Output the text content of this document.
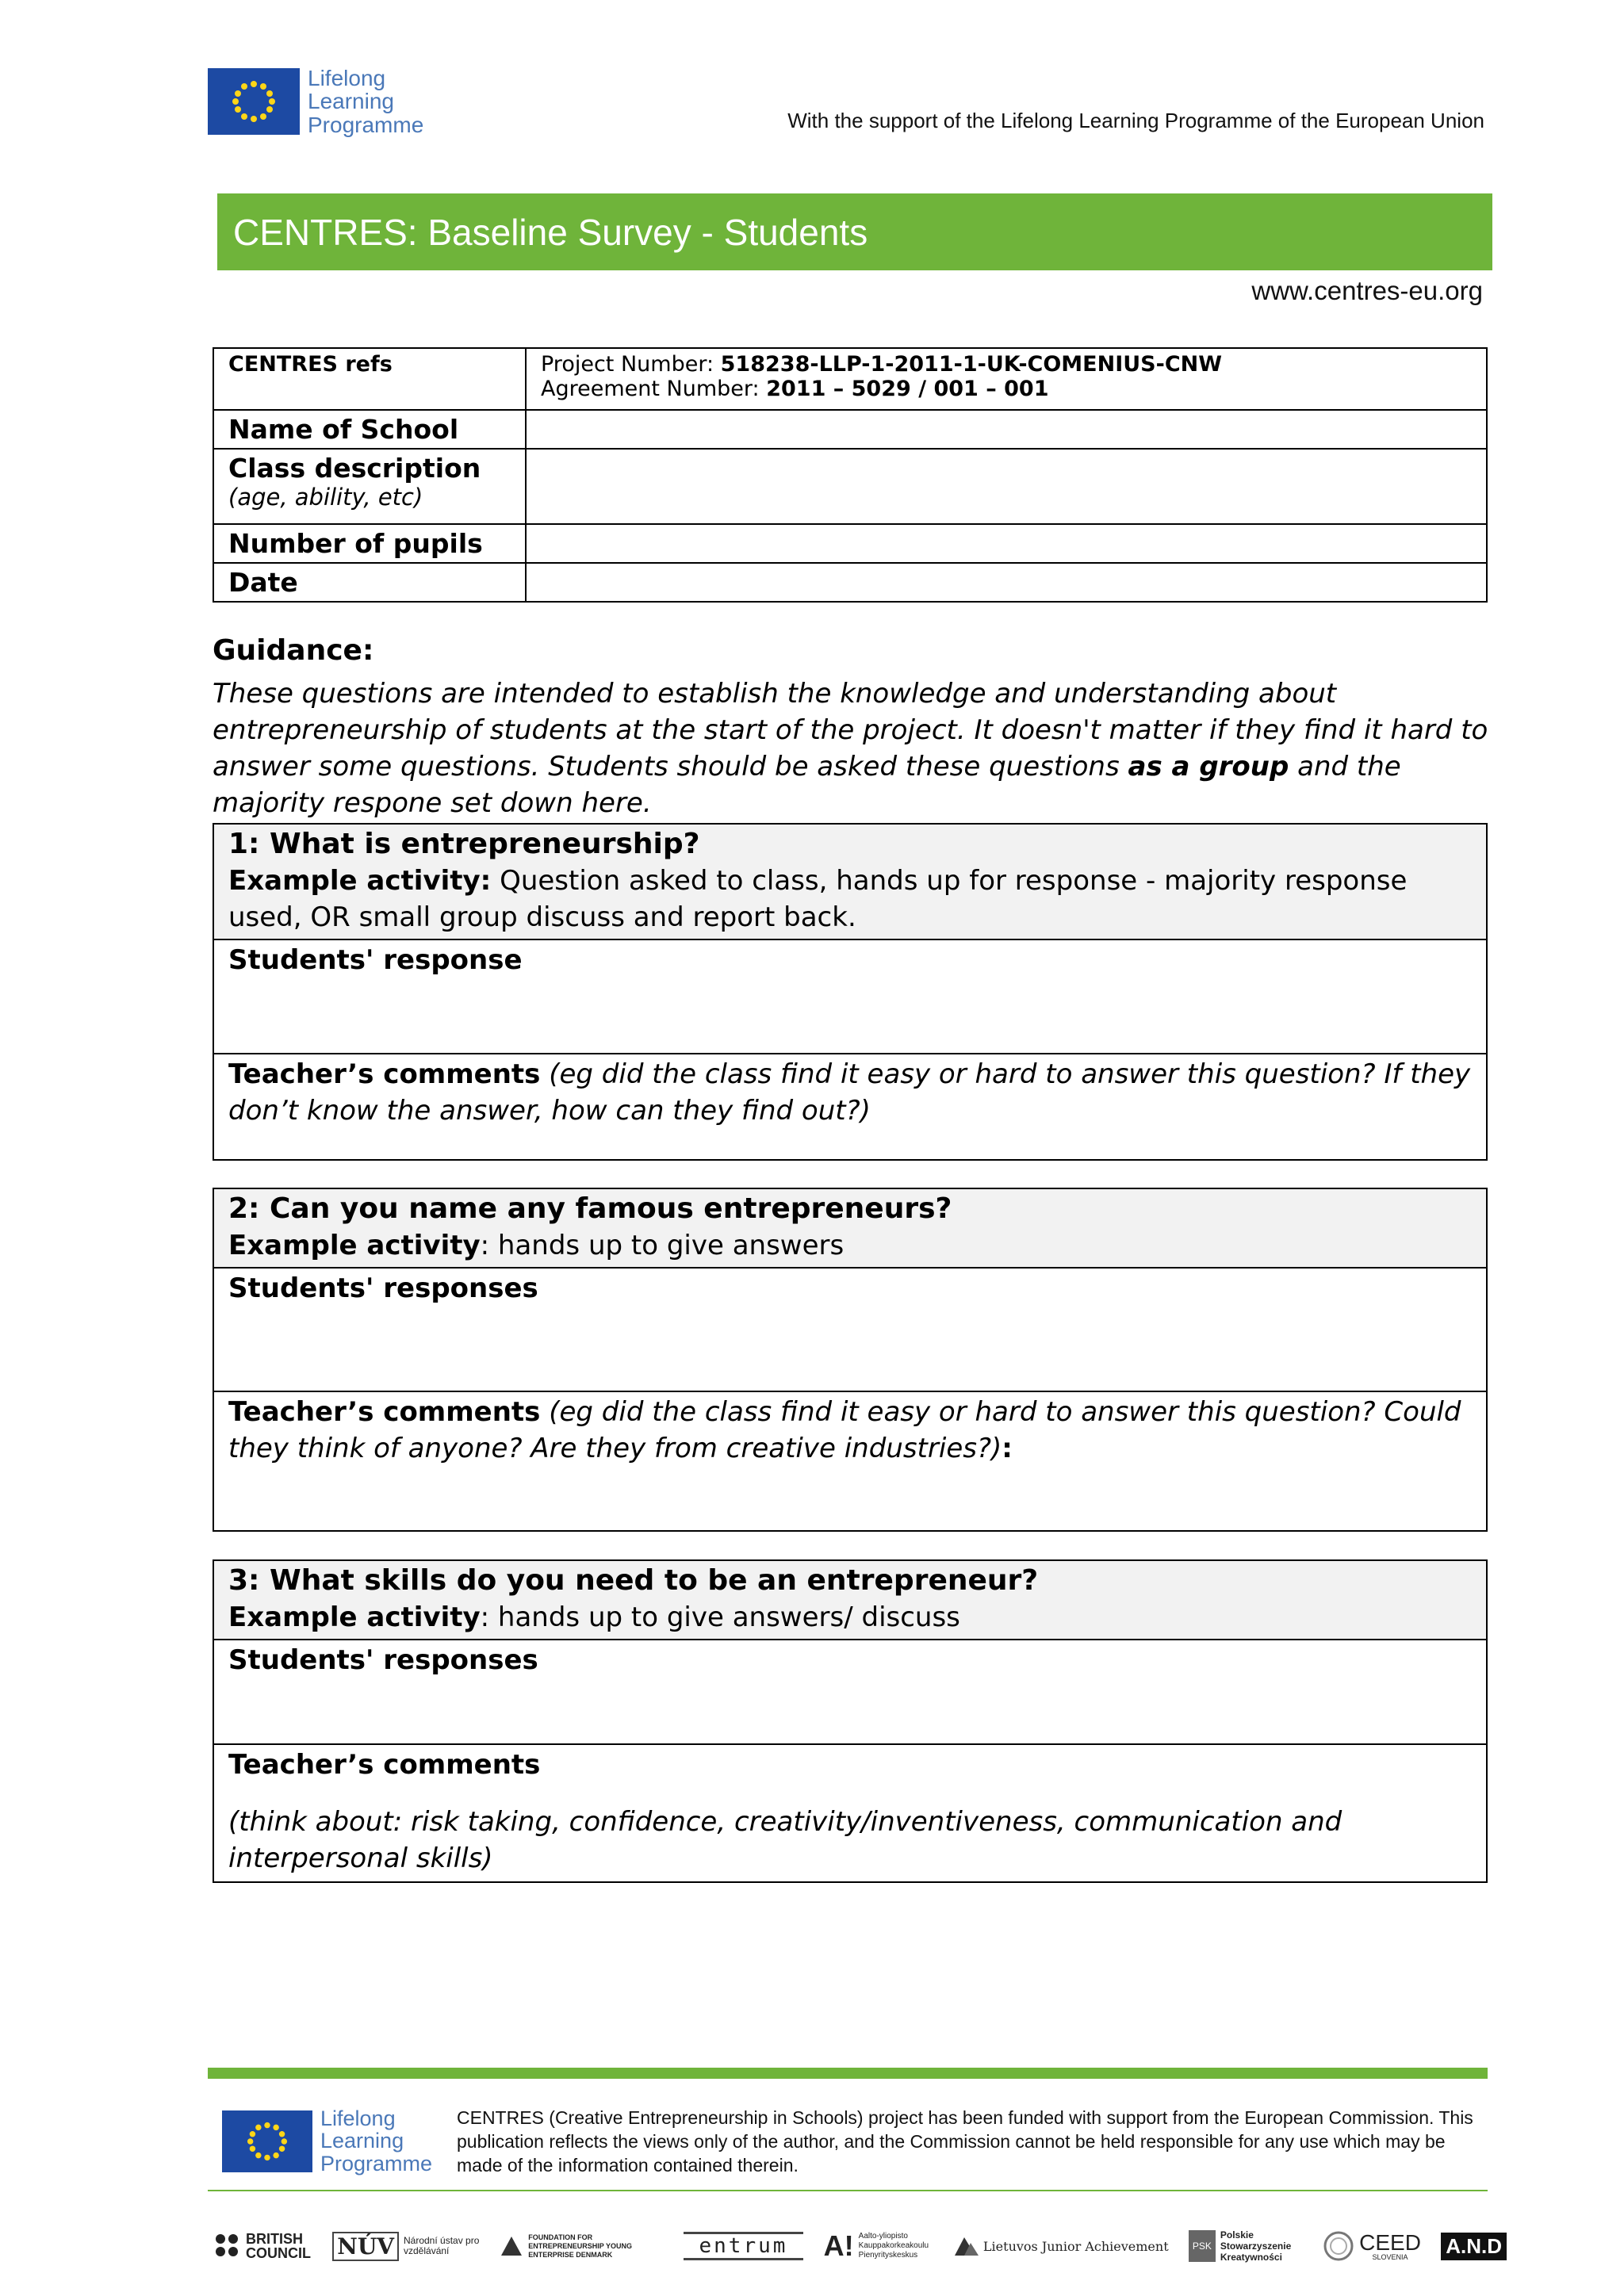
Lifelong
Learning
Programme	With the support of the Lifelong Learning Programme of the European Union
CENTRES: Baseline Survey - Students
www.centres-eu.org
CENTRES refs	Project Number: 518238-LLP-1-2011-1-UK-COMENIUS-CNW
Agreement Number: 2011 – 5029 / 001 – 001

Name of School	

Class description
(age, ability, etc)	

Number of pupils	
Date	
Guidance:
These questions are intended to establish the knowledge and understanding about entrepreneurship of students at the start of the project. It doesn't matter if they find it hard to answer some questions. Students should be asked these questions as a group and the majority respone set down here.
1: What is entrepreneurship?
Example activity: Question asked to class, hands up for response - majority response used, OR small group discuss and report back.
Students' response
Teacher’s comments (eg did the class find it easy or hard to answer this question? If they don’t know the answer, how can they find out?)
2: Can you name any famous entrepreneurs?
Example activity: hands up to give answers
Students' responses
Teacher’s comments (eg did the class find it easy or hard to answer this question? Could they think of anyone? Are they from creative industries?):
3: What skills do you need to be an entrepreneur?
Example activity: hands up to give answers/ discuss
Students' responses
Teacher’s comments
(think about: risk taking, confidence, creativity/inventiveness, communication and interpersonal skills)
Lifelong
Learning
Programme
CENTRES (Creative Entrepreneurship in Schools) project has been funded with support from the European Commission. This publication reflects the views only of the author, and the Commission cannot be held responsible for any use which may be made of the information contained therein.
BRITISH COUNCIL NÚV	Národní ústav pro vzdělávání
FOUNDATION FOR ENTREPRENEURSHIP YOUNG ENTERPRISE DENMARK	entrum	A! Aalto-yliopisto Kauppakorkeakoulu Pienyrityskeskus
Lietuvos Junior Achievement	PSK
Polskie Stowarzyszenie Kreatywności
CEED
SLOVENIA	A.N.D
